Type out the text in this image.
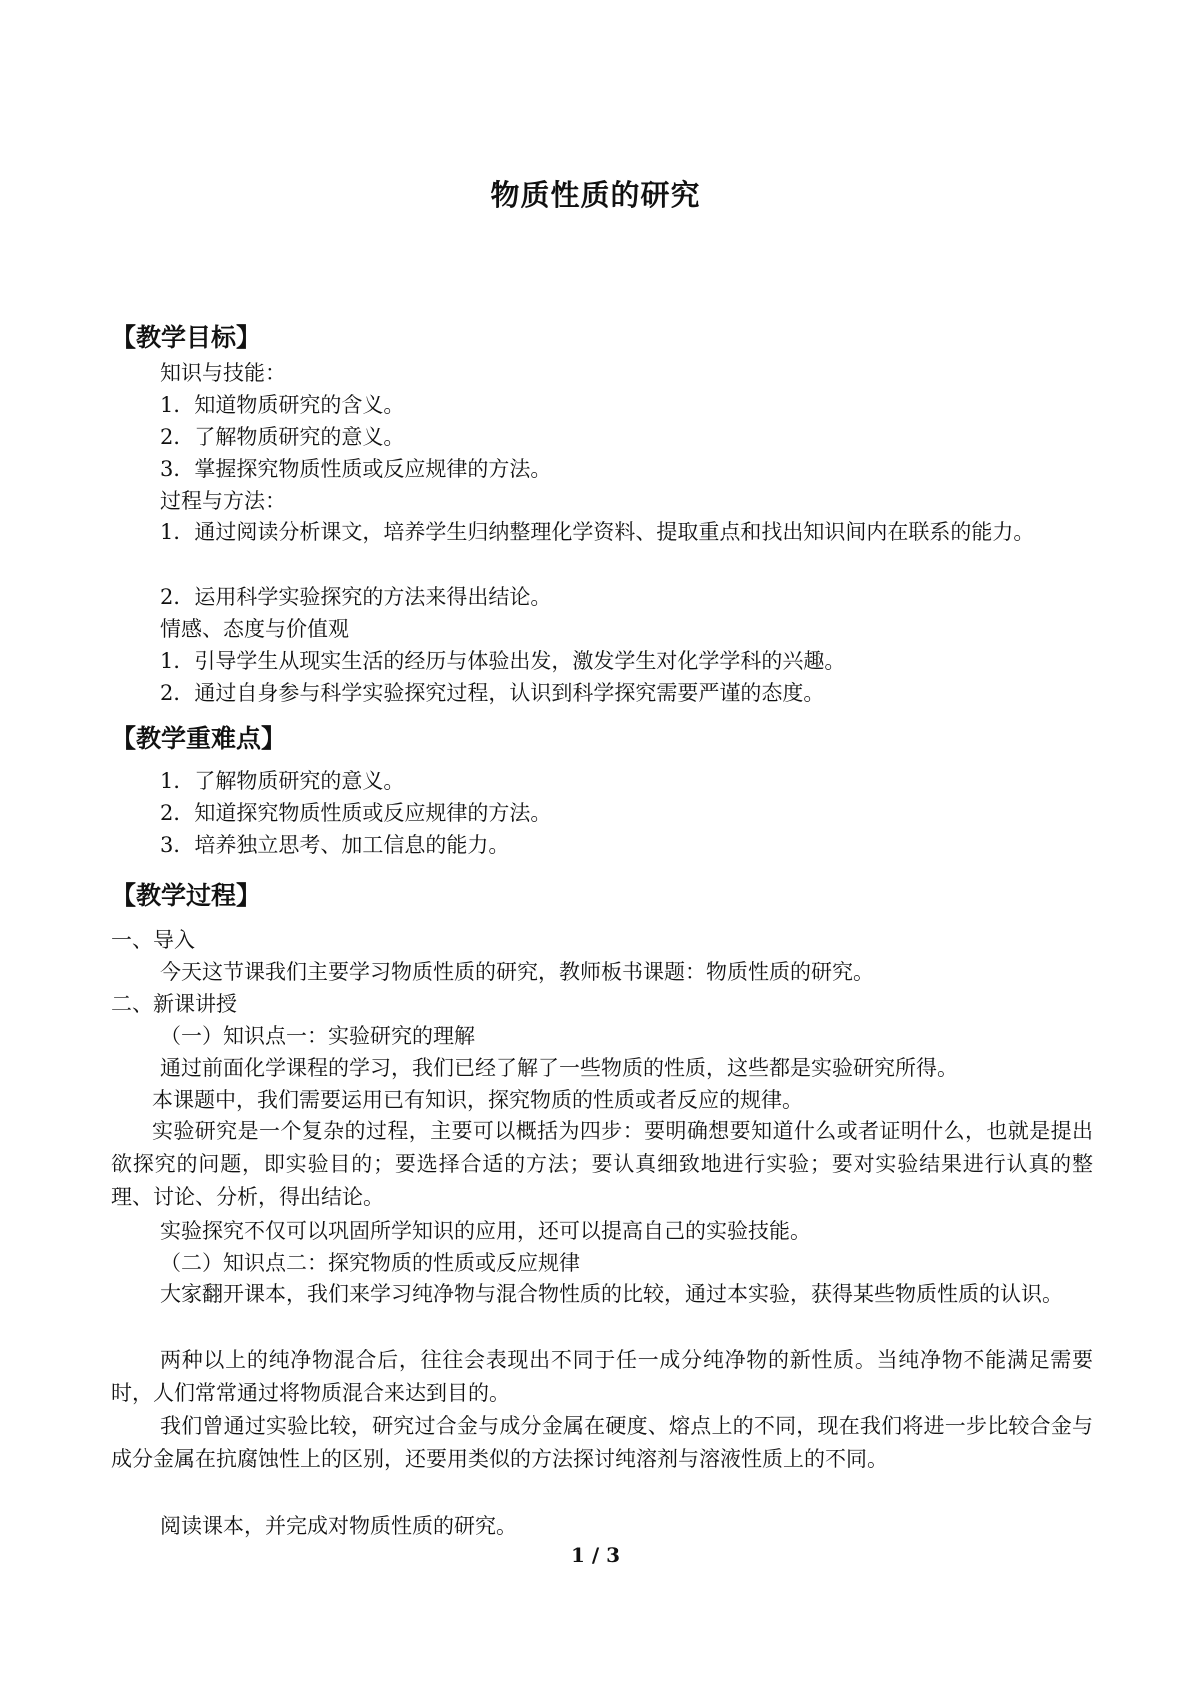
物质性质的研究
【教学目标】
知识与技能：
1．知道物质研究的含义。
2．了解物质研究的意义。
3．掌握探究物质性质或反应规律的方法。
过程与方法：
1．通过阅读分析课文，培养学生归纳整理化学资料、提取重点和找出知识间内在联系的能力。
2．运用科学实验探究的方法来得出结论。
情感、态度与价值观
1．引导学生从现实生活的经历与体验出发，激发学生对化学学科的兴趣。
2．通过自身参与科学实验探究过程，认识到科学探究需要严谨的态度。
【教学重难点】
1．了解物质研究的意义。
2．知道探究物质性质或反应规律的方法。
3．培养独立思考、加工信息的能力。
【教学过程】
一、导入
今天这节课我们主要学习物质性质的研究，教师板书课题：物质性质的研究。
二、新课讲授
（一）知识点一：实验研究的理解
通过前面化学课程的学习，我们已经了解了一些物质的性质，这些都是实验研究所得。
本课题中，我们需要运用已有知识，探究物质的性质或者反应的规律。
实验研究是一个复杂的过程，主要可以概括为四步：要明确想要知道什么或者证明什么，也就是提出欲探究的问题，即实验目的；要选择合适的方法；要认真细致地进行实验；要对实验结果进行认真的整理、讨论、分析，得出结论。
实验探究不仅可以巩固所学知识的应用，还可以提高自己的实验技能。
（二）知识点二：探究物质的性质或反应规律
大家翻开课本，我们来学习纯净物与混合物性质的比较，通过本实验，获得某些物质性质的认识。
两种以上的纯净物混合后，往往会表现出不同于任一成分纯净物的新性质。当纯净物不能满足需要时，人们常常通过将物质混合来达到目的。
我们曾通过实验比较，研究过合金与成分金属在硬度、熔点上的不同，现在我们将进一步比较合金与成分金属在抗腐蚀性上的区别，还要用类似的方法探讨纯溶剂与溶液性质上的不同。
阅读课本，并完成对物质性质的研究。
1 / 3
